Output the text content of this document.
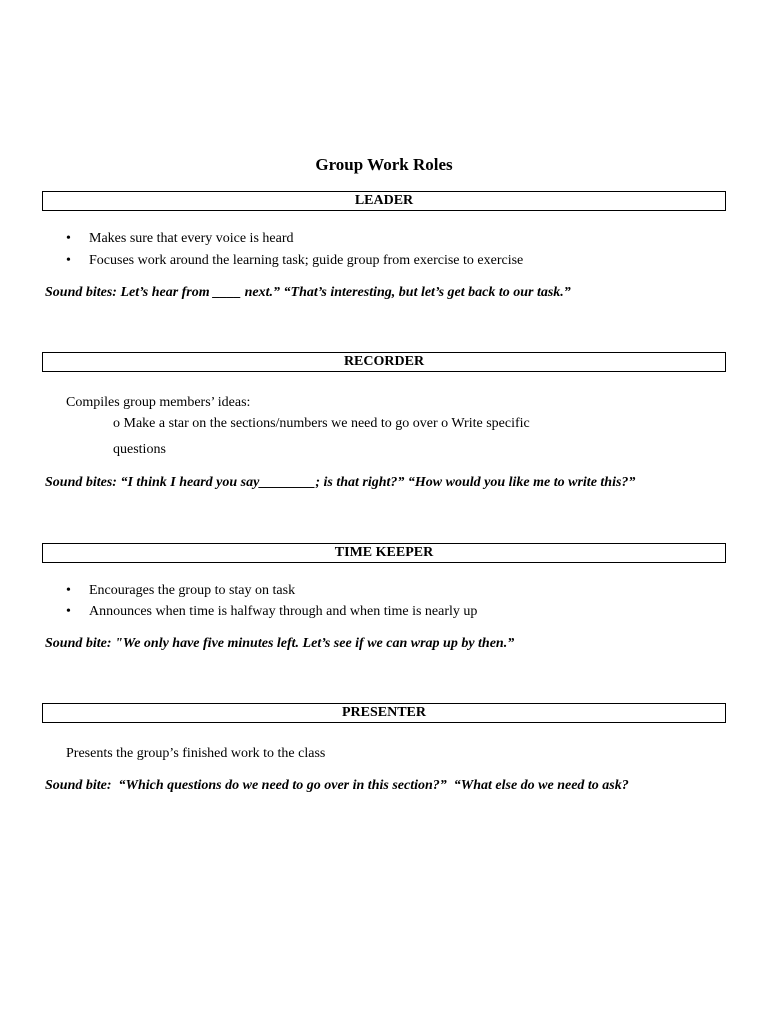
Group Work Roles
LEADER
• Makes sure that every voice is heard
• Focuses work around the learning task; guide group from exercise to exercise
Sound bites: Let’s hear from ____ next.” “That’s interesting, but let’s get back to our task.”
RECORDER
Compiles group members’ ideas:
o Make a star on the sections/numbers we need to go over o Write specific
questions
Sound bites: “I think I heard you say________; is that right?” “How would you like me to write this?”
TIME KEEPER
• Encourages the group to stay on task
• Announces when time is halfway through and when time is nearly up
Sound bite: "We only have five minutes left. Let’s see if we can wrap up by then.”
PRESENTER
Presents the group’s finished work to the class
Sound bite:  “Which questions do we need to go over in this section?”  “What else do we need to ask?
